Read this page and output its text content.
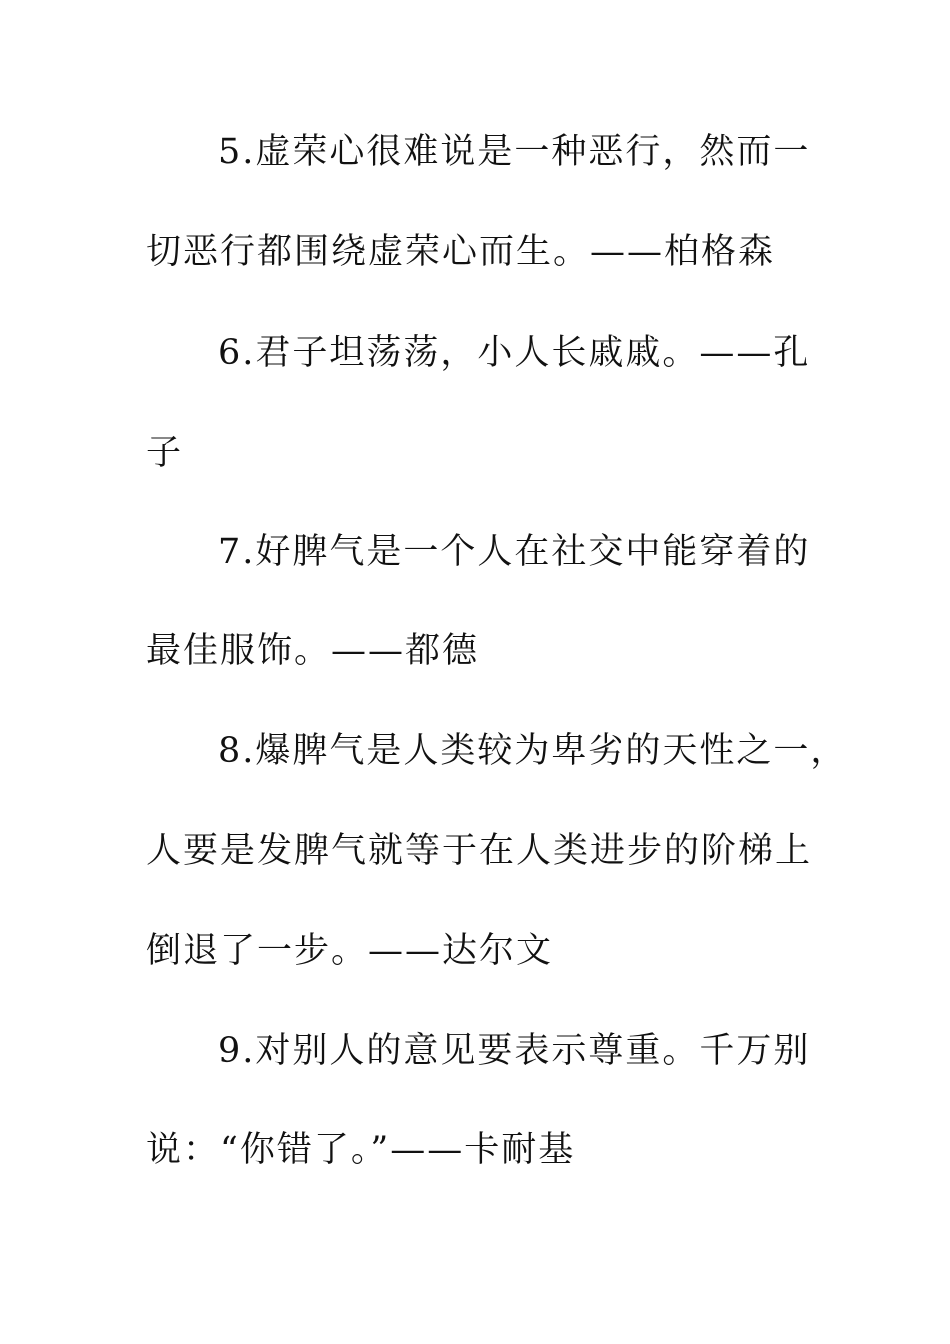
5.虚荣心很难说是一种恶行，然而一
切恶行都围绕虚荣心而生。——柏格森
6.君子坦荡荡，小人长戚戚。——孔
子
7.好脾气是一个人在社交中能穿着的
最佳服饰。——都德
8.爆脾气是人类较为卑劣的天性之一，
人要是发脾气就等于在人类进步的阶梯上
倒退了一步。——达尔文
9.对别人的意见要表示尊重。千万别
说：“你错了。”——卡耐基
